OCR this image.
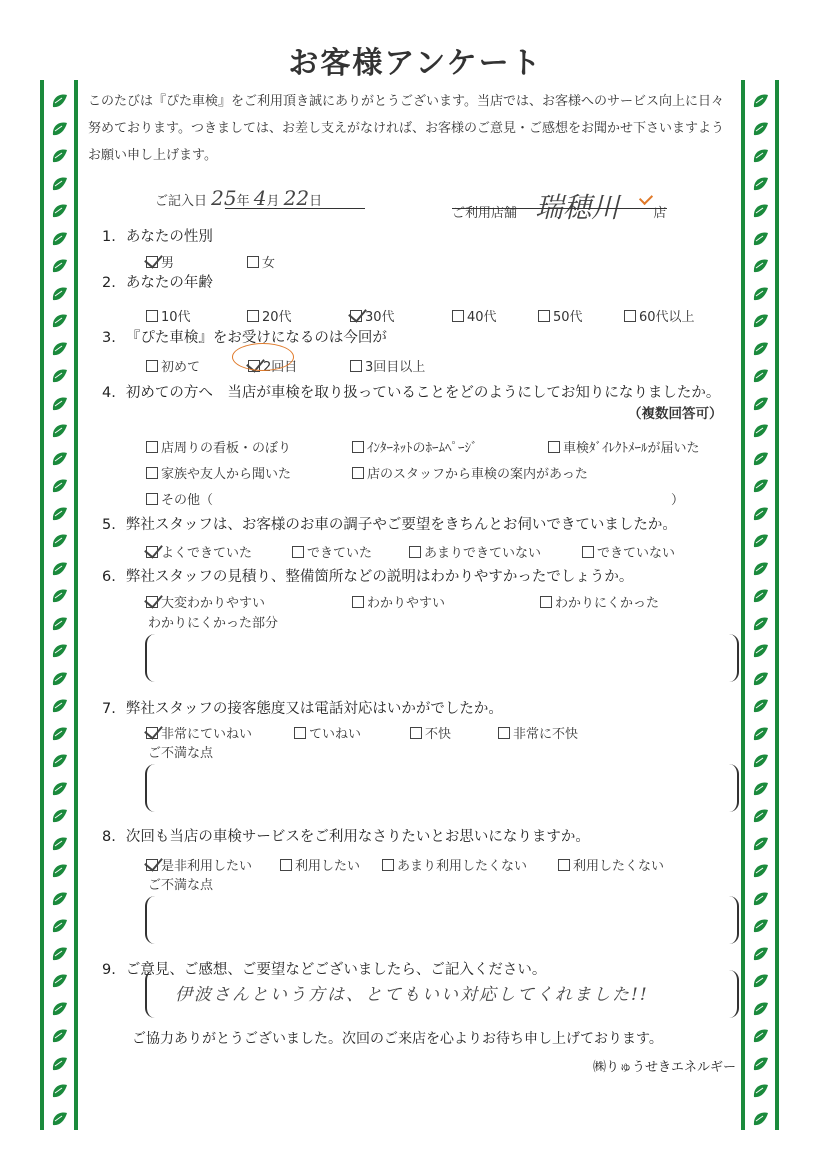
お客様アンケート
このたびは『ぴた車検』をご利用頂き誠にありがとうございます。当店では、お客様へのサービス向上に日々努めております。つきましては、お差し支えがなければ、お客様のご意見・ご感想をお聞かせ下さいますようお願い申し上げます。
ご記入日 25年 4月 22日
ご利用店舗 瑞穂川	店
1. あなたの性別
男	女
2. あなたの年齢
10代	20代	30代	40代	50代	60代以上
3. 『ぴた車検』をお受けになるのは今回が
初めて	2回目	3回目以上
4. 初めての方へ　当店が車検を取り扱っていることをどのようにしてお知りになりましたか。
（複数回答可）
店周りの看板・のぼり	ｲﾝﾀｰﾈｯﾄのﾎｰﾑﾍﾟｰｼﾞ	車検ﾀﾞｲﾚｸﾄﾒｰﾙが届いた
家族や友人から聞いた	店のスタッフから車検の案内があった
その他（	）
5. 弊社スタッフは、お客様のお車の調子やご要望をきちんとお伺いできていましたか。
よくできていた	できていた	あまりできていない	できていない
6. 弊社スタッフの見積り、整備箇所などの説明はわかりやすかったでしょうか。
大変わかりやすい	わかりやすい	わかりにくかった
わかりにくかった部分
7. 弊社スタッフの接客態度又は電話対応はいかがでしたか。
非常にていねい	ていねい	不快	非常に不快
ご不満な点
8. 次回も当店の車検サービスをご利用なさりたいとお思いになりますか。
是非利用したい	利用したい	あまり利用したくない	利用したくない
ご不満な点
9. ご意見、ご感想、ご要望などございましたら、ご記入ください。
伊波さんという方は、とてもいい対応してくれました!!
ご協力ありがとうございました。次回のご来店を心よりお待ち申し上げております。
㈱りゅうせきエネルギー
